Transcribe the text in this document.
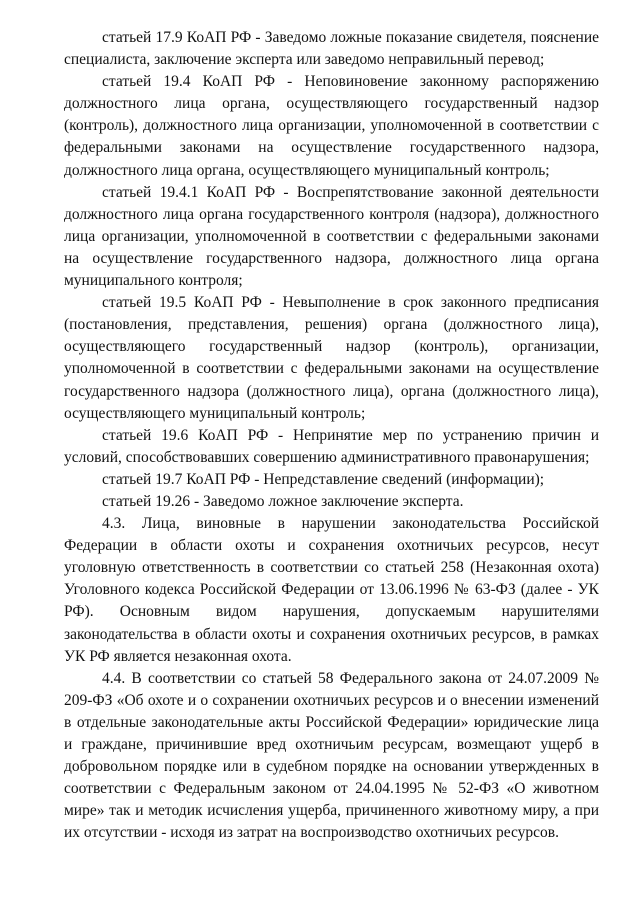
статьей 17.9 КоАП РФ - Заведомо ложные показание свидетеля, пояснение специалиста, заключение эксперта или заведомо неправильный перевод;

статьей 19.4 КоАП РФ - Неповиновение законному распоряжению должностного лица органа, осуществляющего государственный надзор (контроль), должностного лица организации, уполномоченной в соответствии с федеральными законами на осуществление государственного надзора, должностного лица органа, осуществляющего муниципальный контроль;

статьей 19.4.1 КоАП РФ - Воспрепятствование законной деятельности должностного лица органа государственного контроля (надзора), должностного лица организации, уполномоченной в соответствии с федеральными законами на осуществление государственного надзора, должностного лица органа муниципального контроля;

статьей 19.5 КоАП РФ - Невыполнение в срок законного предписания (постановления, представления, решения) органа (должностного лица), осуществляющего государственный надзор (контроль), организации, уполномоченной в соответствии с федеральными законами на осуществление государственного надзора (должностного лица), органа (должностного лица), осуществляющего муниципальный контроль;

статьей 19.6 КоАП РФ - Непринятие мер по устранению причин и условий, способствовавших совершению административного правонарушения;

статьей 19.7 КоАП РФ - Непредставление сведений (информации);

статьей 19.26 - Заведомо ложное заключение эксперта.

4.3. Лица, виновные в нарушении законодательства Российской Федерации в области охоты и сохранения охотничьих ресурсов, несут уголовную ответственность в соответствии со статьей 258 (Незаконная охота) Уголовного кодекса Российской Федерации от 13.06.1996 № 63-ФЗ (далее - УК РФ). Основным видом нарушения, допускаемым нарушителями законодательства в области охоты и сохранения охотничьих ресурсов, в рамках УК РФ является незаконная охота.

4.4. В соответствии со статьей 58 Федерального закона от 24.07.2009 № 209-ФЗ «Об охоте и о сохранении охотничьих ресурсов и о внесении изменений в отдельные законодательные акты Российской Федерации» юридические лица и граждане, причинившие вред охотничьим ресурсам, возмещают ущерб в добровольном порядке или в судебном порядке на основании утвержденных в соответствии с Федеральным законом от 24.04.1995 № 52-ФЗ «О животном мире» так и методик исчисления ущерба, причиненного животному миру, а при их отсутствии - исходя из затрат на воспроизводство охотничьих ресурсов.
